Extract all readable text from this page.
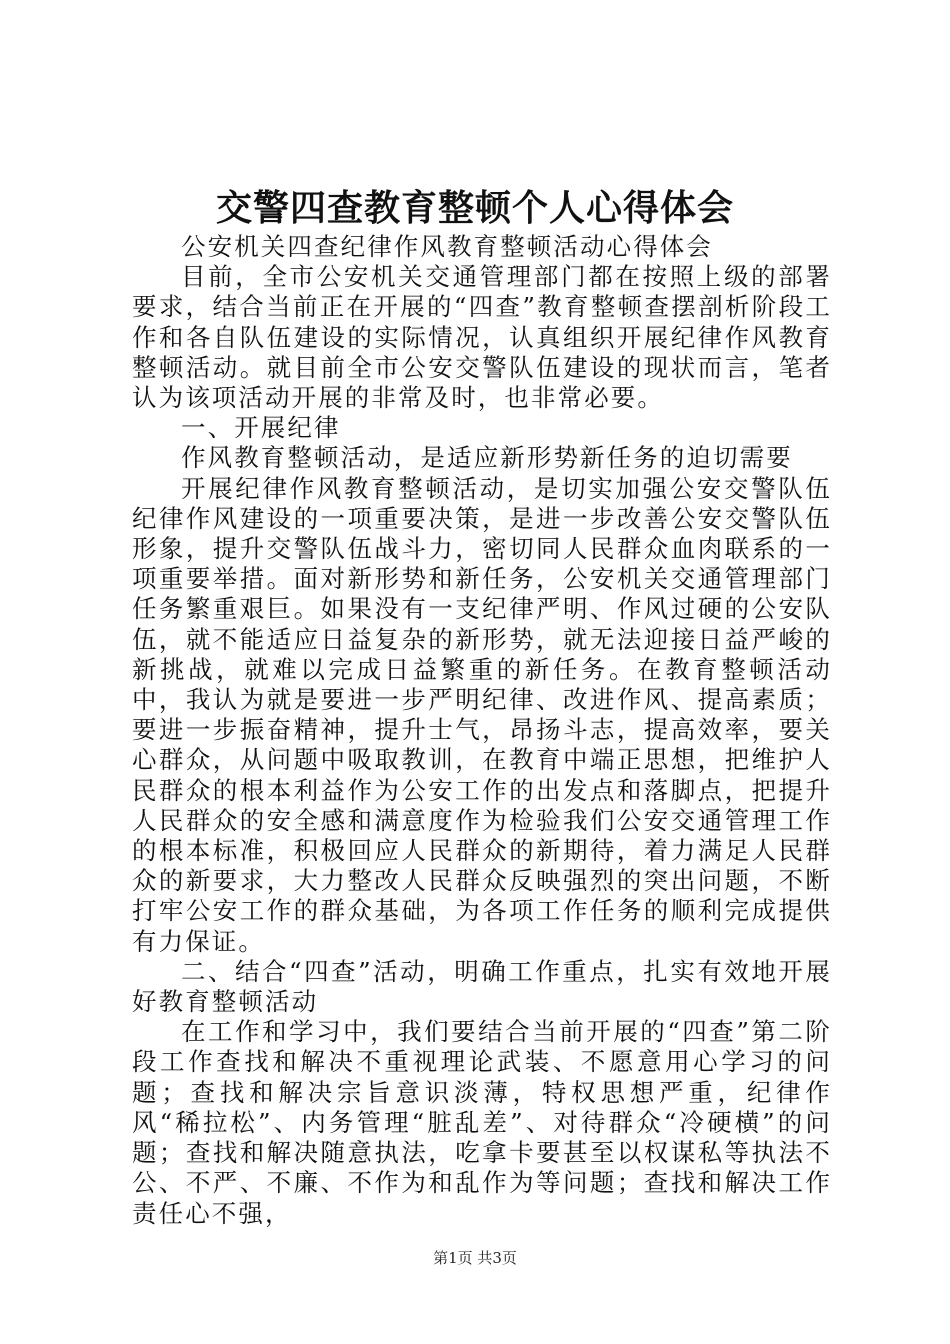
交警四查教育整顿个人心得体会

公安机关四查纪律作风教育整顿活动心得体会

目前，全市公安机关交通管理部门都在按照上级的部署要求，结合当前正在开展的“四查”教育整顿查摆剖析阶段工作和各自队伍建设的实际情况，认真组织开展纪律作风教育整顿活动。就目前全市公安交警队伍建设的现状而言，笔者认为该项活动开展的非常及时，也非常必要。

一、开展纪律

作风教育整顿活动，是适应新形势新任务的迫切需要

开展纪律作风教育整顿活动，是切实加强公安交警队伍纪律作风建设的一项重要决策，是进一步改善公安交警队伍形象，提升交警队伍战斗力，密切同人民群众血肉联系的一项重要举措。面对新形势和新任务，公安机关交通管理部门任务繁重艰巨。如果没有一支纪律严明、作风过硬的公安队伍，就不能适应日益复杂的新形势，就无法迎接日益严峻的新挑战，就难以完成日益繁重的新任务。在教育整顿活动中，我认为就是要进一步严明纪律、改进作风、提高素质；要进一步振奋精神，提升士气，昂扬斗志，提高效率，要关心群众，从问题中吸取教训，在教育中端正思想，把维护人民群众的根本利益作为公安工作的出发点和落脚点，把提升人民群众的安全感和满意度作为检验我们公安交通管理工作的根本标准，积极回应人民群众的新期待，着力满足人民群众的新要求，大力整改人民群众反映强烈的突出问题，不断打牢公安工作的群众基础，为各项工作任务的顺利完成提供有力保证。

二、结合“四查”活动，明确工作重点，扎实有效地开展好教育整顿活动

在工作和学习中，我们要结合当前开展的“四查”第二阶段工作查找和解决不重视理论武装、不愿意用心学习的问题；查找和解决宗旨意识淡薄，特权思想严重，纪律作风“稀拉松”、内务管理“脏乱差”、对待群众“冷硬横”的问题；查找和解决随意执法，吃拿卡要甚至以权谋私等执法不公、不严、不廉、不作为和乱作为等问题；查找和解决工作责任心不强，

第1页 共3页
